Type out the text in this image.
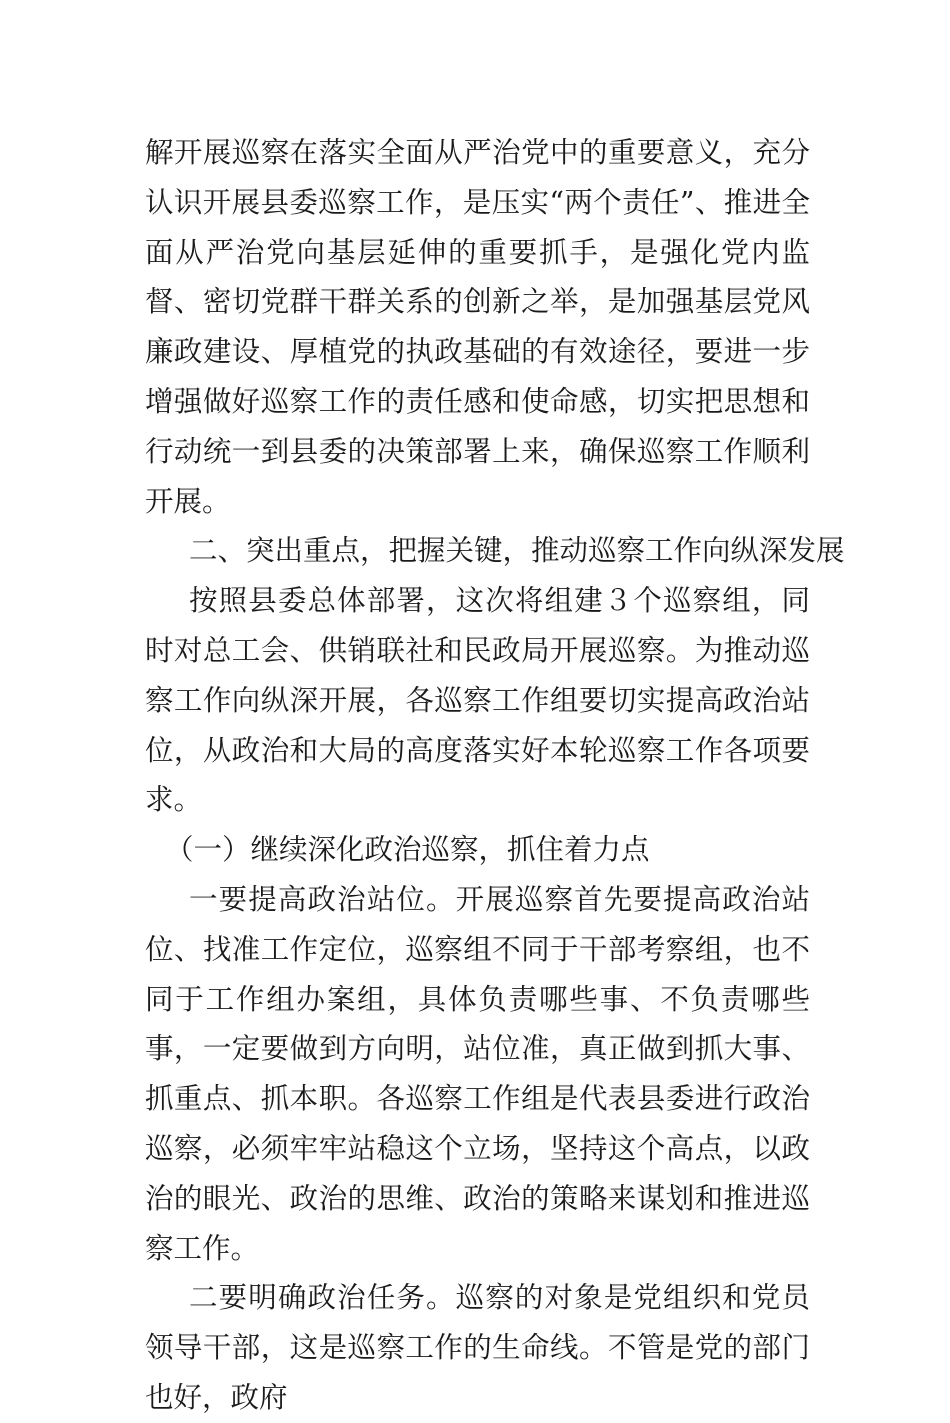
解开展巡察在落实全面从严治党中的重要意义，充分认识开展县委巡察工作，是压实“两个责任”、推进全面从严治党向基层延伸的重要抓手，是强化党内监督、密切党群干群关系的创新之举，是加强基层党风廉政建设、厚植党的执政基础的有效途径，要进一步增强做好巡察工作的责任感和使命感，切实把思想和行动统一到县委的决策部署上来，确保巡察工作顺利开展。

二、突出重点，把握关键，推动巡察工作向纵深发展

按照县委总体部署，这次将组建３个巡察组，同时对总工会、供销联社和民政局开展巡察。为推动巡察工作向纵深开展，各巡察工作组要切实提高政治站位，从政治和大局的高度落实好本轮巡察工作各项要求。

（一）继续深化政治巡察，抓住着力点

一要提高政治站位。开展巡察首先要提高政治站位、找准工作定位，巡察组不同于干部考察组，也不同于工作组办案组，具体负责哪些事、不负责哪些事，一定要做到方向明，站位准，真正做到抓大事、抓重点、抓本职。各巡察工作组是代表县委进行政治巡察，必须牢牢站稳这个立场，坚持这个高点，以政治的眼光、政治的思维、政治的策略来谋划和推进巡察工作。

二要明确政治任务。巡察的对象是党组织和党员领导干部，这是巡察工作的生命线。不管是党的部门也好，政府
